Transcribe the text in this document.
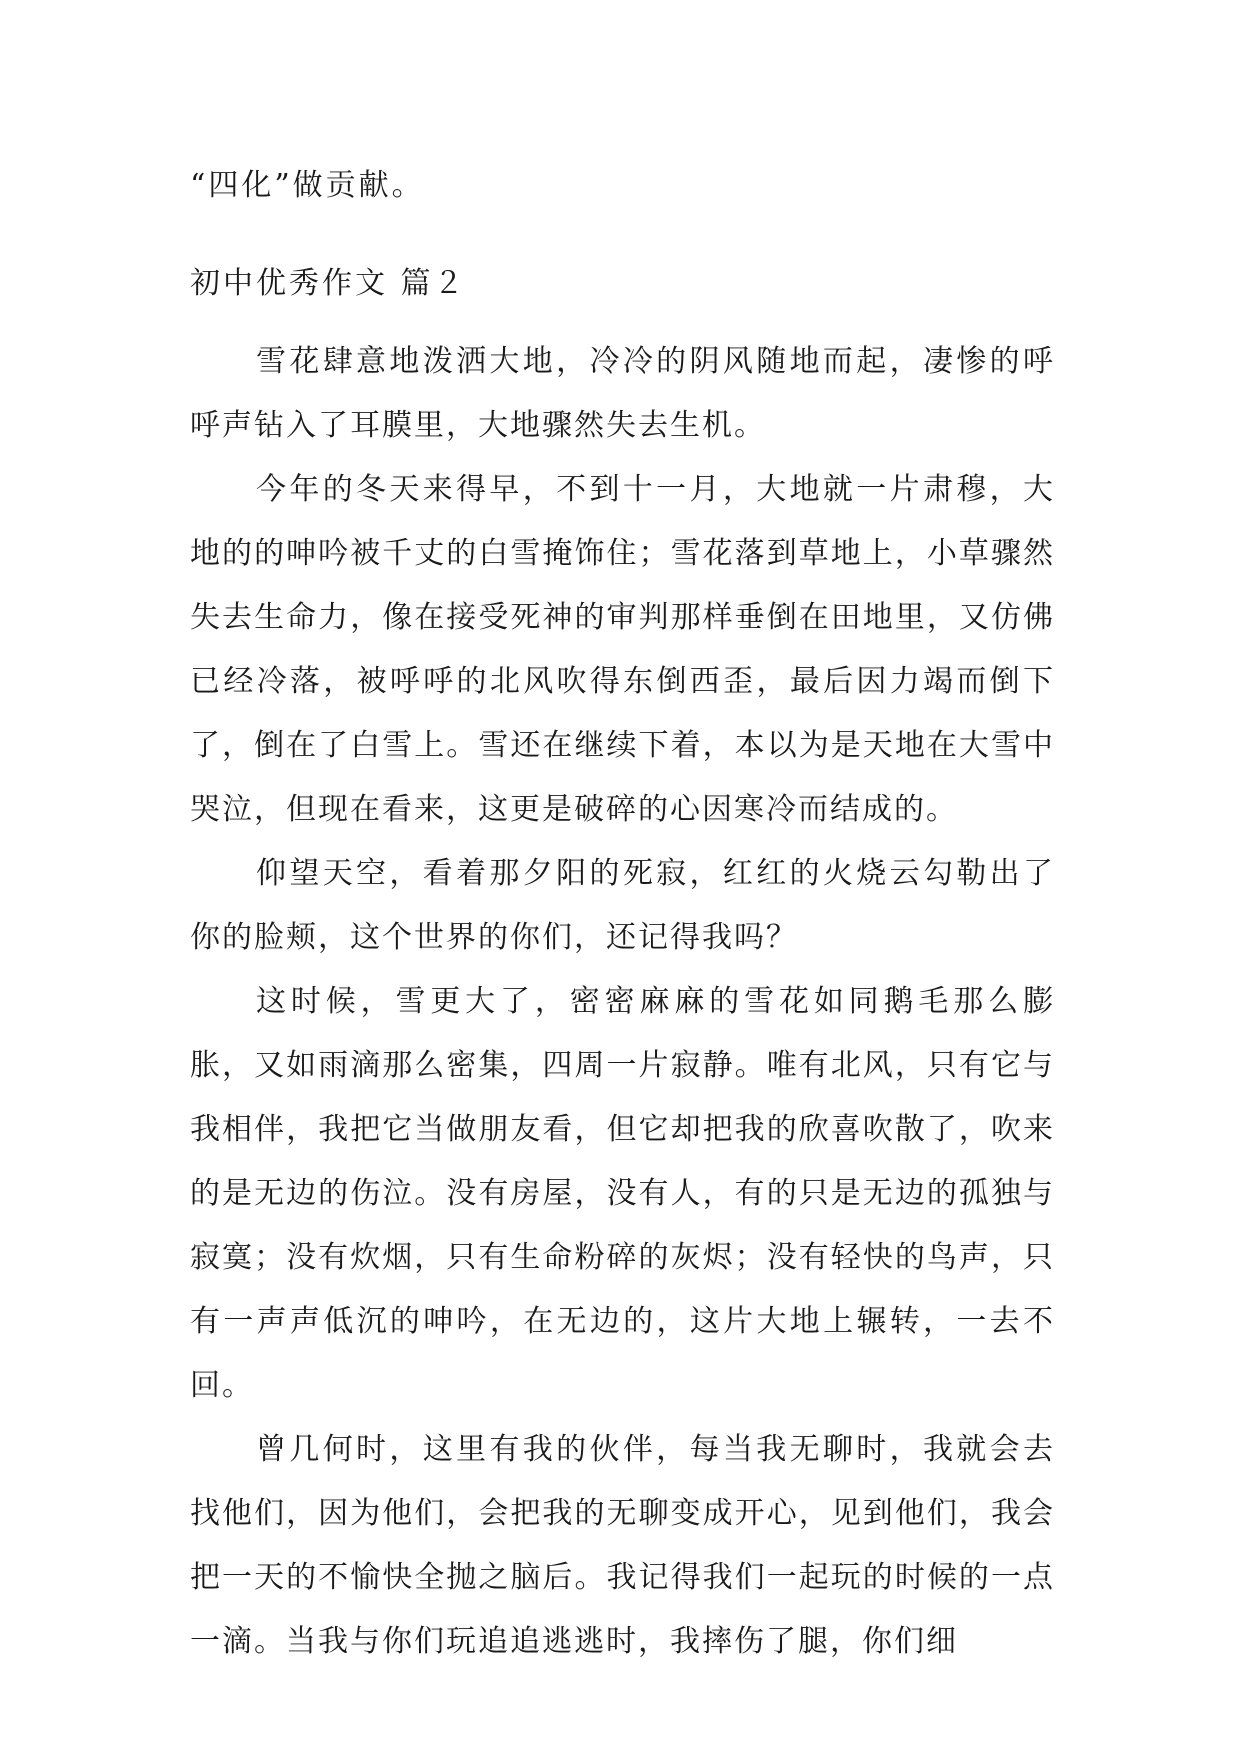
“四化”做贡献。
初中优秀作文 篇２

雪花肆意地泼洒大地，冷冷的阴风随地而起，凄惨的呼呼声钻入了耳膜里，大地骤然失去生机。

今年的冬天来得早，不到十一月，大地就一片肃穆，大地的的呻吟被千丈的白雪掩饰住；雪花落到草地上，小草骤然失去生命力，像在接受死神的审判那样垂倒在田地里，又仿佛已经冷落，被呼呼的北风吹得东倒西歪，最后因力竭而倒下了，倒在了白雪上。雪还在继续下着，本以为是天地在大雪中哭泣，但现在看来，这更是破碎的心因寒冷而结成的。

仰望天空，看着那夕阳的死寂，红红的火烧云勾勒出了你的脸颊，这个世界的你们，还记得我吗？

这时候，雪更大了，密密麻麻的雪花如同鹅毛那么膨胀，又如雨滴那么密集，四周一片寂静。唯有北风，只有它与我相伴，我把它当做朋友看，但它却把我的欣喜吹散了，吹来的是无边的伤泣。没有房屋，没有人，有的只是无边的孤独与寂寞；没有炊烟，只有生命粉碎的灰烬；没有轻快的鸟声，只有一声声低沉的呻吟，在无边的，这片大地上辗转，一去不回。

曾几何时，这里有我的伙伴，每当我无聊时，我就会去找他们，因为他们，会把我的无聊变成开心，见到他们，我会把一天的不愉快全抛之脑后。我记得我们一起玩的时候的一点一滴。当我与你们玩追追逃逃时，我摔伤了腿，你们细
